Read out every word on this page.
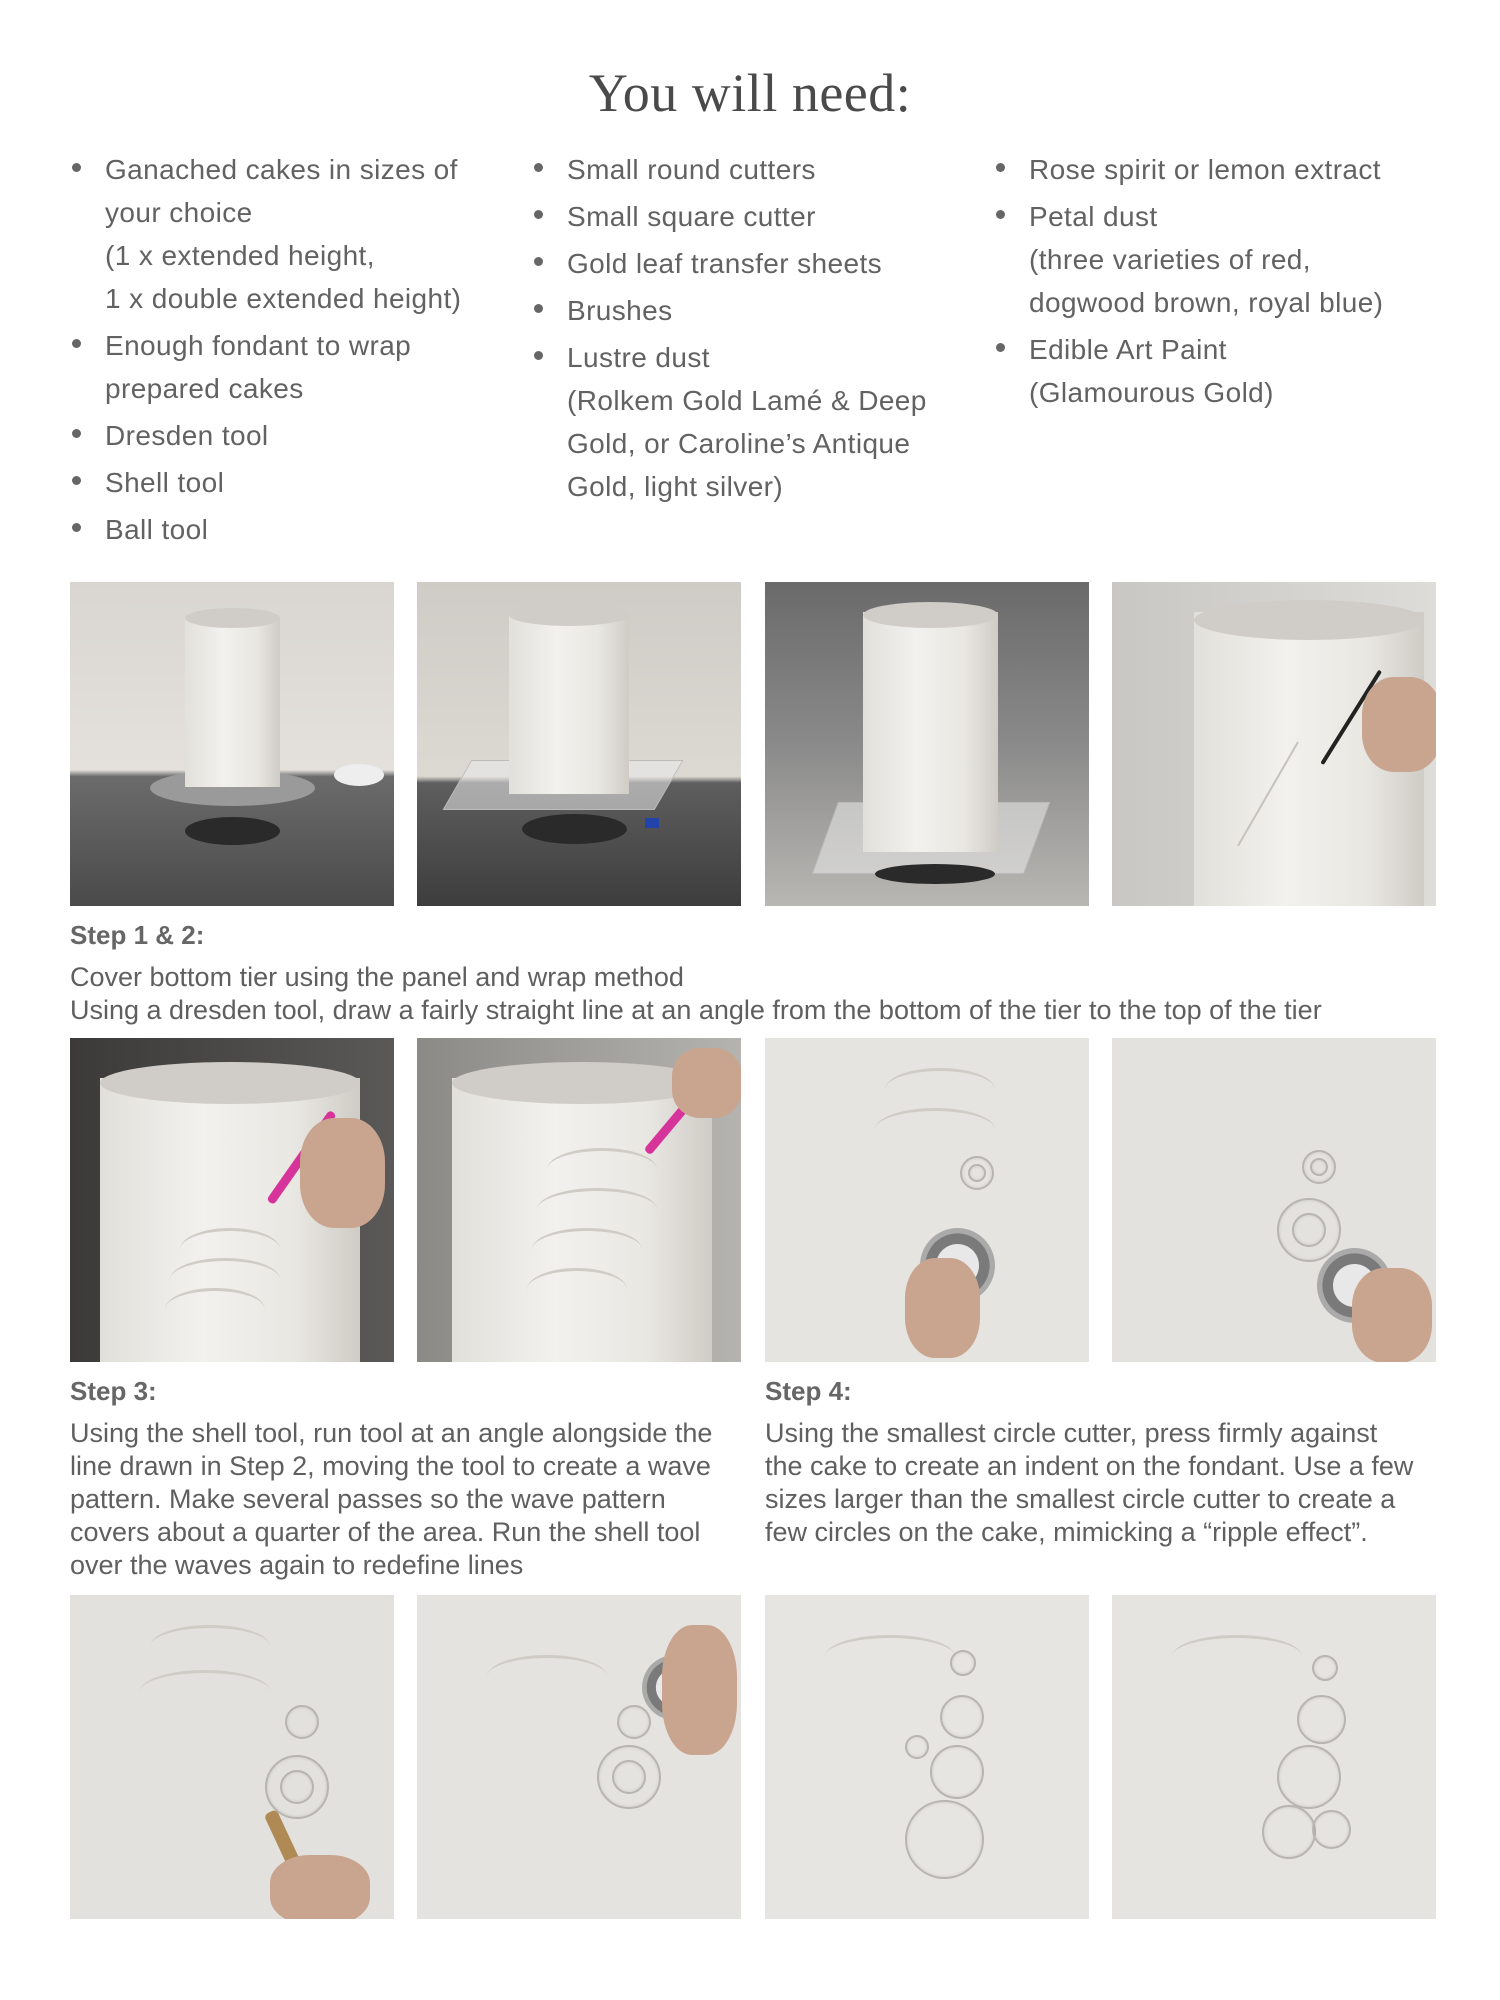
You will need:
Ganached cakes in sizes of
your choice
(1 x extended height,
1 x double extended height)
Enough fondant to wrap
prepared cakes
Dresden tool
Shell tool
Ball tool
Small round cutters
Small square cutter
Gold leaf transfer sheets
Brushes
Lustre dust
(Rolkem Gold Lamé & Deep
Gold, or Caroline’s Antique
Gold, light silver)
Rose spirit or lemon extract
Petal dust
(three varieties of red,
dogwood brown, royal blue)
Edible Art Paint
(Glamourous Gold)
Step 1 & 2:

Cover bottom tier using the panel and wrap method
Using a dresden tool, draw a fairly straight line at an angle from the bottom of the tier to the top of the tier

Step 3:

Using the shell tool, run tool at an angle alongside the
line drawn in Step 2, moving the tool to create a wave
pattern. Make several passes so the wave pattern
covers about a quarter of the area. Run the shell tool
over the waves again to redefine lines

Step 4:

Using the smallest circle cutter, press firmly against
the cake to create an indent on the fondant. Use a few
sizes larger than the smallest circle cutter to create a
few circles on the cake, mimicking a “ripple effect”.
